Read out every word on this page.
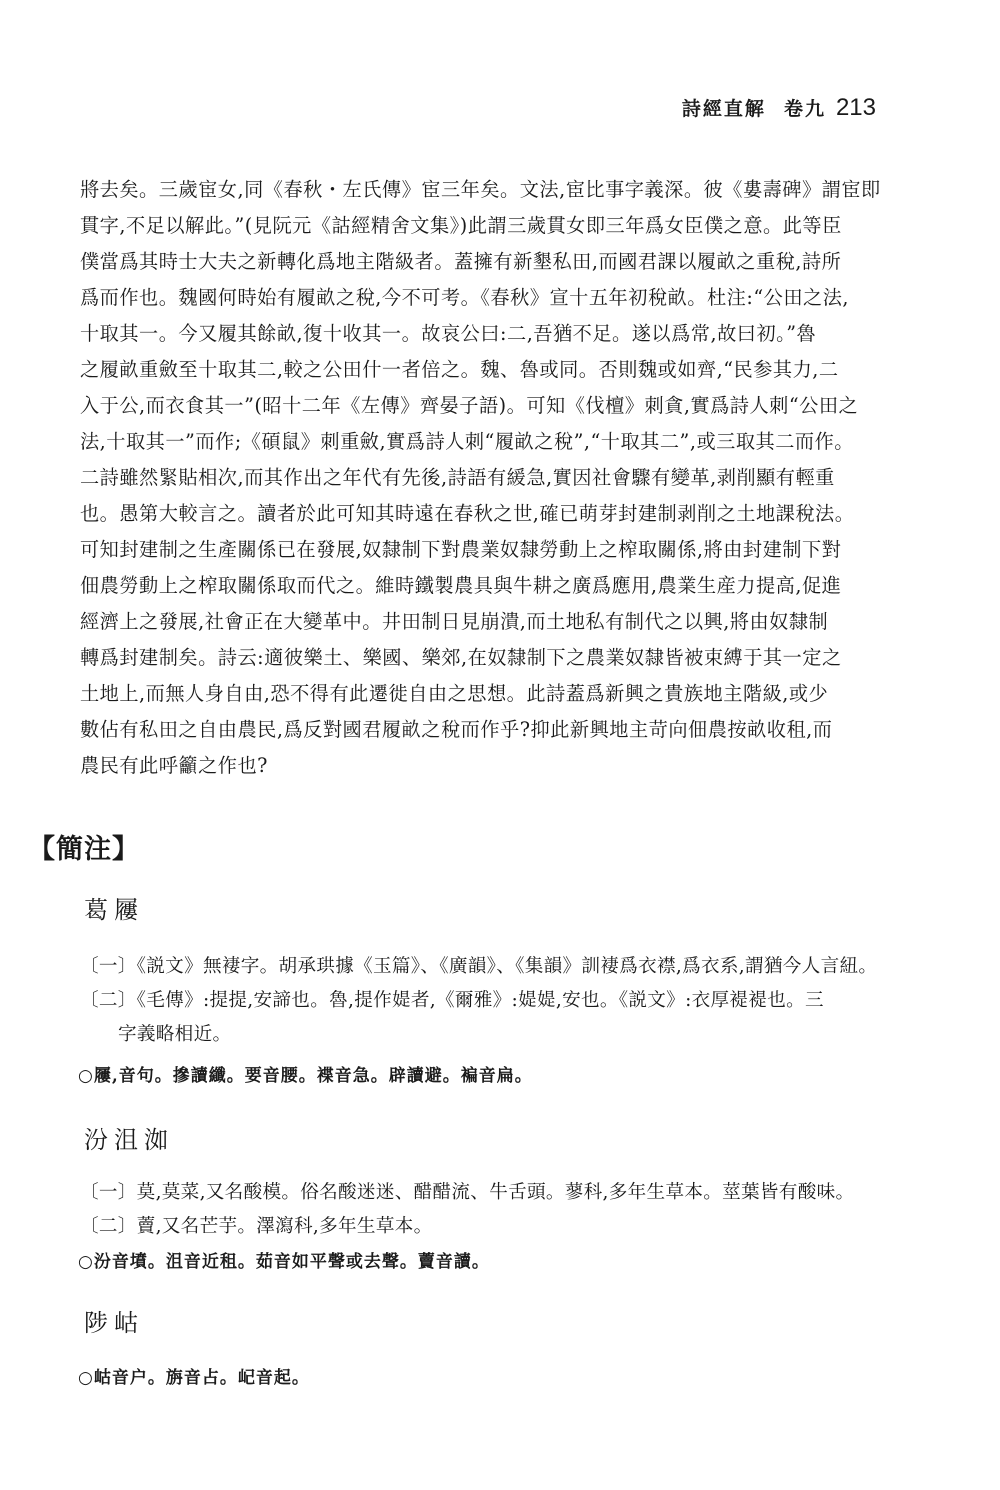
詩經直解 卷九 213
將去矣。三歲宦女,同《春秋・左氏傳》宦三年矣。文法,宦比事字義深。彼《婁壽碑》謂宦即
貫字,不足以解此。”(見阮元《詁經精舍文集》)此謂三歲貫女即三年爲女臣僕之意。此等臣
僕當爲其時士大夫之新轉化爲地主階級者。蓋擁有新墾私田,而國君課以履畝之重稅,詩所
爲而作也。魏國何時始有履畝之稅,今不可考。《春秋》宣十五年初稅畝。杜注:“公田之法,
十取其一。今又履其餘畝,復十收其一。故哀公曰:二,吾猶不足。遂以爲常,故曰初。”魯
之履畝重斂至十取其二,較之公田什一者倍之。魏、魯或同。否則魏或如齊,“民参其力,二
入于公,而衣食其一”(昭十二年《左傳》齊晏子語)。可知《伐檀》刺貪,實爲詩人刺“公田之
法,十取其一”而作;《碩鼠》刺重斂,實爲詩人刺“履畝之稅”,“十取其二”,或三取其二而作。
二詩雖然緊貼相次,而其作出之年代有先後,詩語有緩急,實因社會驟有變革,剥削顯有輕重
也。愚第大較言之。讀者於此可知其時遠在春秋之世,確已萌芽封建制剥削之土地課稅法。
可知封建制之生產關係已在發展,奴隸制下對農業奴隸勞動上之榨取關係,將由封建制下對
佃農勞動上之榨取關係取而代之。維時鐵製農具與牛耕之廣爲應用,農業生産力提高,促進
經濟上之發展,社會正在大變革中。井田制日見崩潰,而土地私有制代之以興,將由奴隸制
轉爲封建制矣。詩云:適彼樂土、樂國、樂郊,在奴隸制下之農業奴隸皆被束縛于其一定之
土地上,而無人身自由,恐不得有此遷徙自由之思想。此詩蓋爲新興之貴族地主階級,或少
數佔有私田之自由農民,爲反對國君履畝之稅而作乎?抑此新興地主苛向佃農按畝收租,而
農民有此呼籲之作也?
【簡注】
葛屨
〔一〕《説文》無褄字。胡承珙據《玉篇》、《廣韻》、《集韻》訓褄爲衣襟,爲衣系,謂猶今人言紐。
〔二〕《毛傳》:提提,安諦也。魯,提作媞者,《爾雅》:媞媞,安也。《説文》:衣厚褆褆也。三
字義略相近。
○屨,音句。摻讀纖。要音腰。褋音急。辟讀避。褊音扁。
汾沮洳
〔一〕莫,莫菜,又名酸模。俗名酸迷迷、醋醋流、牛舌頭。蓼科,多年生草本。莖葉皆有酸味。
〔二〕藚,又名芒芋。澤瀉科,多年生草本。
○汾音墳。沮音近租。茹音如平聲或去聲。藚音讀。
陟岵
○岵音户。旃音占。屺音起。
